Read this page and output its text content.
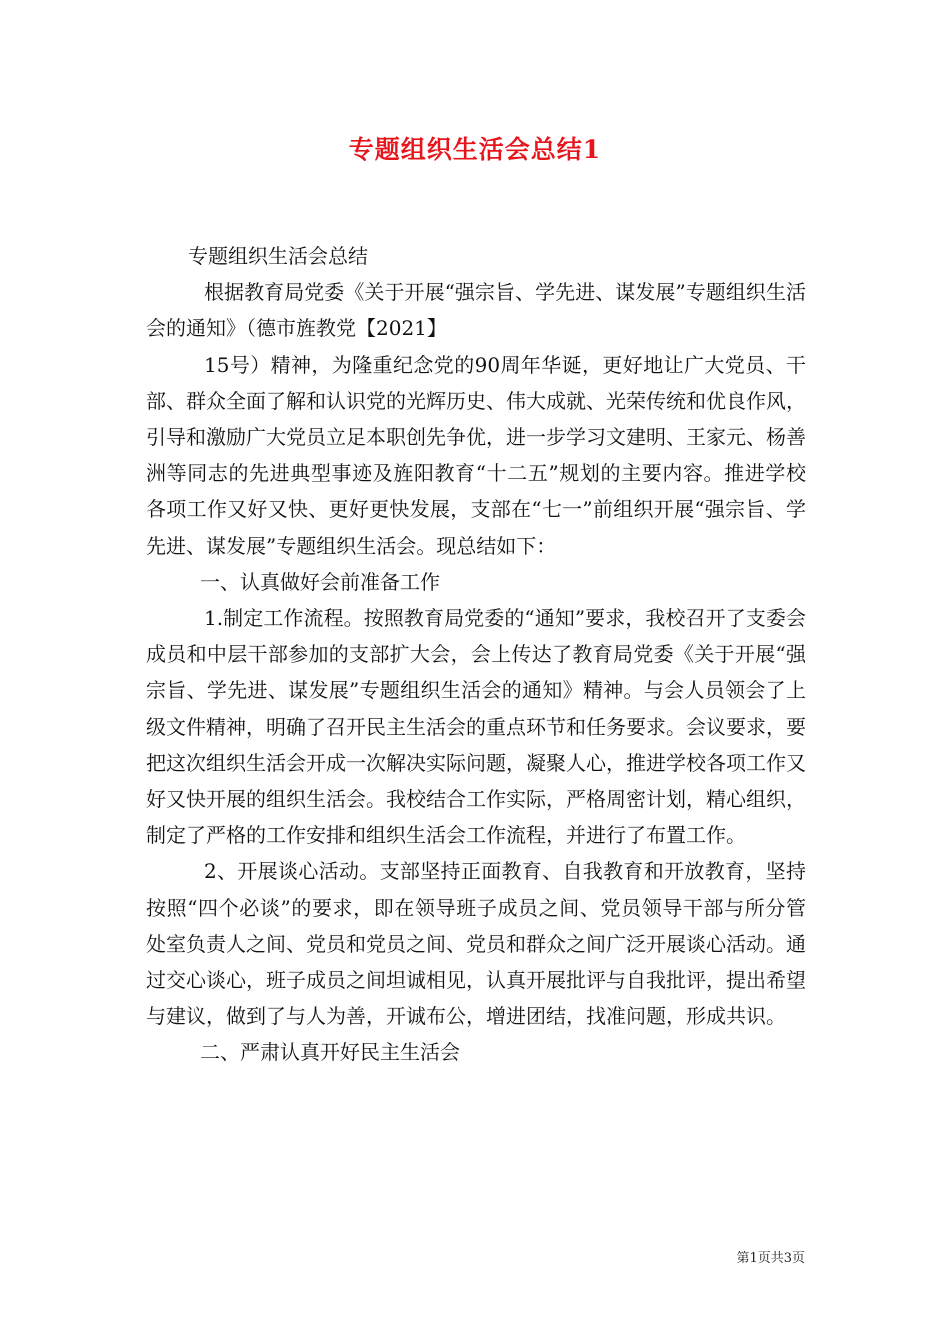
专题组织生活会总结1

专题组织生活会总结

根据教育局党委《关于开展“强宗旨、学先进、谋发展”专题组织生活会的通知》（德市旌教党【2021】

15号）精神，为隆重纪念党的90周年华诞，更好地让广大党员、干部、群众全面了解和认识党的光辉历史、伟大成就、光荣传统和优良作风，引导和激励广大党员立足本职创先争优，进一步学习文建明、王家元、杨善洲等同志的先进典型事迹及旌阳教育“十二五”规划的主要内容。推进学校各项工作又好又快、更好更快发展，支部在“七一”前组织开展“强宗旨、学先进、谋发展”专题组织生活会。现总结如下：

一、认真做好会前准备工作

1.制定工作流程。按照教育局党委的“通知”要求，我校召开了支委会成员和中层干部参加的支部扩大会，会上传达了教育局党委《关于开展“强宗旨、学先进、谋发展”专题组织生活会的通知》精神。与会人员领会了上级文件精神，明确了召开民主生活会的重点环节和任务要求。会议要求，要把这次组织生活会开成一次解决实际问题，凝聚人心，推进学校各项工作又好又快开展的组织生活会。我校结合工作实际，严格周密计划，精心组织，制定了严格的工作安排和组织生活会工作流程，并进行了布置工作。

2、开展谈心活动。支部坚持正面教育、自我教育和开放教育，坚持按照“四个必谈”的要求，即在领导班子成员之间、党员领导干部与所分管处室负责人之间、党员和党员之间、党员和群众之间广泛开展谈心活动。通过交心谈心，班子成员之间坦诚相见，认真开展批评与自我批评，提出希望与建议，做到了与人为善，开诚布公，增进团结，找准问题，形成共识。

二、严肃认真开好民主生活会

第1页共3页
